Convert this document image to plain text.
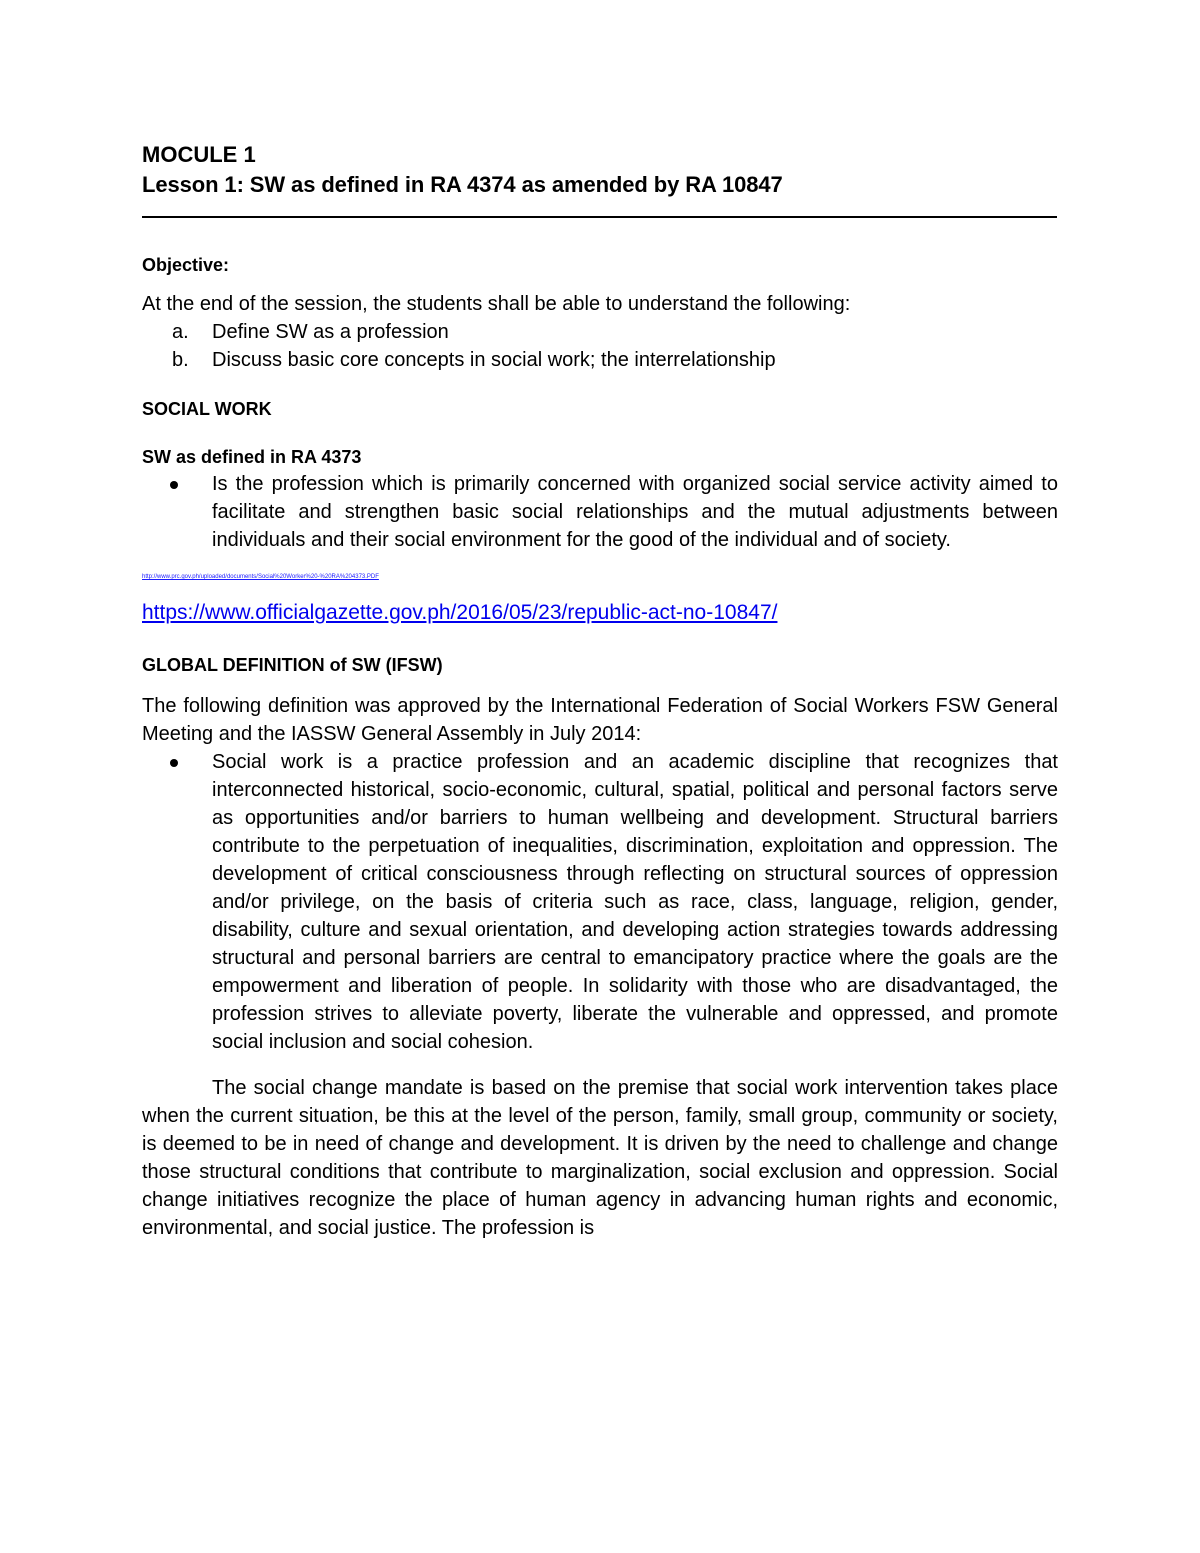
MOCULE 1

Lesson 1: SW as defined in RA 4374 as amended by RA 10847

Objective:

At the end of the session, the students shall be able to understand the following:

a. Define SW as a profession
b. Discuss basic core concepts in social work; the interrelationship

SOCIAL WORK

SW as defined in RA 4373

Is the profession which is primarily concerned with organized social service activity aimed to facilitate and strengthen basic social relationships and the mutual adjustments between individuals and their social environment for the good of the individual and of society.
http://www.prc.gov.ph/uploaded/documents/Social%20Worker%20-%20RA%204373.PDF
https://www.officialgazette.gov.ph/2016/05/23/republic-act-no-10847/

GLOBAL DEFINITION of SW (IFSW)

The following definition was approved by the International Federation of Social Workers FSW General Meeting and the IASSW General Assembly in July 2014:

Social work is a practice profession and an academic discipline that recognizes that interconnected historical, socio-economic, cultural, spatial, political and personal factors serve as opportunities and/or barriers to human wellbeing and development. Structural barriers contribute to the perpetuation of inequalities, discrimination, exploitation and oppression. The development of critical consciousness through reflecting on structural sources of oppression and/or privilege, on the basis of criteria such as race, class, language, religion, gender, disability, culture and sexual orientation, and developing action strategies towards addressing structural and personal barriers are central to emancipatory practice where the goals are the empowerment and liberation of people. In solidarity with those who are disadvantaged, the profession strives to alleviate poverty, liberate the vulnerable and oppressed, and promote social inclusion and social cohesion.

The social change mandate is based on the premise that social work intervention takes place when the current situation, be this at the level of the person, family, small group, community or society, is deemed to be in need of change and development. It is driven by the need to challenge and change those structural conditions that contribute to marginalization, social exclusion and oppression. Social change initiatives recognize the place of human agency in advancing human rights and economic, environmental, and social justice. The profession is
